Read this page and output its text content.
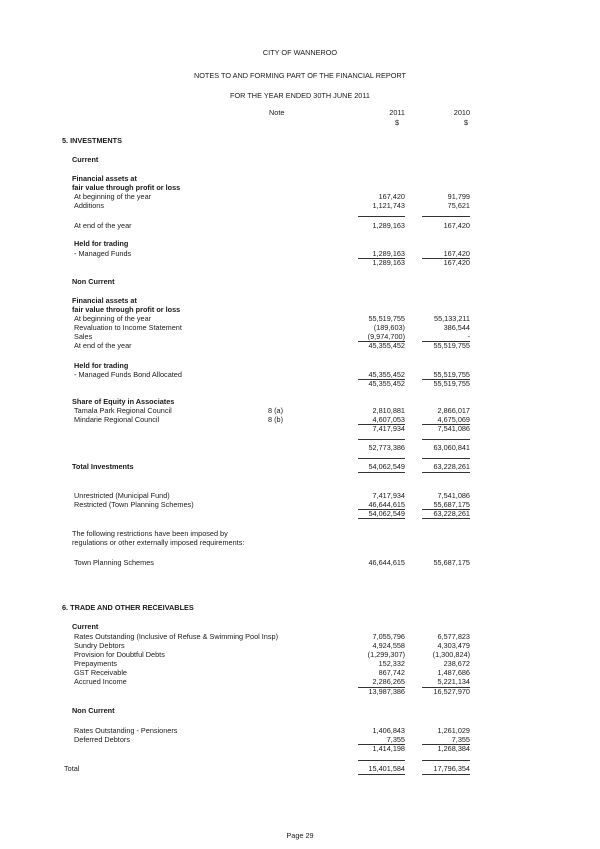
CITY OF WANNEROO
NOTES TO AND FORMING PART OF THE FINANCIAL REPORT
FOR THE YEAR ENDED 30TH JUNE 2011
Note	2011	2010
$	$
5. INVESTMENTS
Current
Financial assets at
fair value through profit or loss
At beginning of the year	167,420	91,799
Additions	1,121,743	75,621
At end of the year	1,289,163	167,420
Held for trading
- Managed Funds	1,289,163	167,420
1,289,163	167,420
Non Current
Financial assets at
fair value through profit or loss
At beginning of the year	55,519,755	55,133,211
Revaluation to Income Statement	(189,603)	386,544
Sales	(9,974,700)	-
At end of the year	45,355,452	55,519,755
Held for trading
- Managed Funds Bond Allocated	45,355,452	55,519,755
45,355,452	55,519,755
Share of Equity in Associates
Tamala Park Regional Council	8 (a)	2,810,881	2,866,017
Mindarie Regional Council	8 (b)	4,607,053	4,675,069
7,417,934	7,541,086
52,773,386	63,060,841
Total Investments	54,062,549	63,228,261
Unrestricted (Municipal Fund)	7,417,934	7,541,086
Restricted (Town Planning Schemes)	46,644,615	55,687,175
54,062,549	63,228,261
The following restrictions have been imposed by
regulations or other externally imposed requirements:
Town Planning Schemes	46,644,615	55,687,175
6. TRADE AND OTHER RECEIVABLES
Current
Rates Outstanding (Inclusive of Refuse & Swimming Pool Insp)	7,055,796	6,577,823
Sundry Debtors	4,924,558	4,303,479
Provision for Doubtful Debts	(1,299,307)	(1,300,824)
Prepayments	152,332	238,672
GST Receivable	867,742	1,487,686
Accrued Income	2,286,265	5,221,134
13,987,386	16,527,970
Non Current
Rates Outstanding - Pensioners	1,406,843	1,261,029
Deferred Debtors	7,355	7,355
1,414,198	1,268,384
Total	15,401,584	17,796,354
Page 29
